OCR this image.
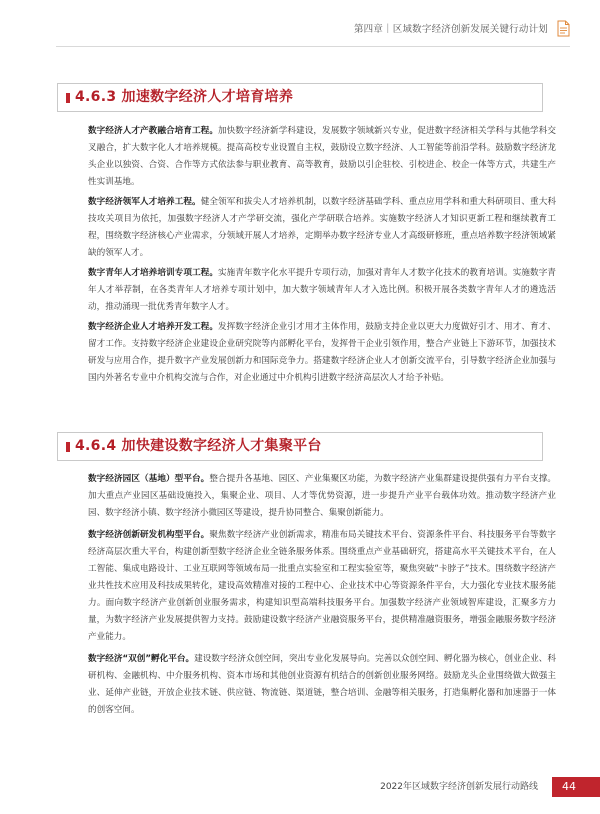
第四章｜区域数字经济创新发展关键行动计划
4.6.3 加速数字经济人才培育培养

数字经济人才产教融合培育工程。加快数字经济新学科建设，发展数字领域新兴专业，促进数字经济相关学科与其他学科交叉融合，扩大数字化人才培养规模。提高高校专业设置自主权，鼓励设立数字经济、人工智能等前沿学科。鼓励数字经济龙头企业以独资、合资、合作等方式依法参与职业教育、高等教育，鼓励以引企驻校、引校进企、校企一体等方式，共建生产性实训基地。

数字经济领军人才培养工程。健全领军和拔尖人才培养机制，以数字经济基础学科、重点应用学科和重大科研项目、重大科技攻关项目为依托，加强数字经济人才产学研交流，强化产学研联合培养。实施数字经济人才知识更新工程和继续教育工程，围绕数字经济核心产业需求，分领域开展人才培养，定期举办数字经济专业人才高级研修班，重点培养数字经济领域紧缺的领军人才。

数字青年人才培养培训专项工程。实施青年数字化水平提升专项行动，加强对青年人才数字化技术的教育培训。实施数字青年人才举荐制，在各类青年人才培养专项计划中，加大数字领域青年人才入选比例。积极开展各类数字青年人才的遴选活动，推动涌现一批优秀青年数字人才。

数字经济企业人才培养开发工程。发挥数字经济企业引才用才主体作用，鼓励支持企业以更大力度做好引才、用才、育才、留才工作。支持数字经济企业建设企业研究院等内部孵化平台，发挥骨干企业引领作用，整合产业链上下游环节，加强技术研发与应用合作，提升数字产业发展创新力和国际竞争力。搭建数字经济企业人才创新交流平台，引导数字经济企业加强与国内外著名专业中介机构交流与合作，对企业通过中介机构引进数字经济高层次人才给予补贴。

4.6.4 加快建设数字经济人才集聚平台

数字经济园区（基地）型平台。整合提升各基地、园区、产业集聚区功能，为数字经济产业集群建设提供强有力平台支撑。加大重点产业园区基础设施投入，集聚企业、项目、人才等优势资源，进一步提升产业平台载体功效。推动数字经济产业园、数字经济小镇、数字经济小微园区等建设，提升协同整合、集聚创新能力。

数字经济创新研发机构型平台。聚焦数字经济产业创新需求，精准布局关键技术平台、资源条件平台、科技服务平台等数字经济高层次重大平台，构建创新型数字经济企业全链条服务体系。围绕重点产业基础研究，搭建高水平关键技术平台，在人工智能、集成电路设计、工业互联网等领域布局一批重点实验室和工程实验室等，聚焦突破“卡脖子”技术。围绕数字经济产业共性技术应用及科技成果转化，建设高效精准对接的工程中心、企业技术中心等资源条件平台，大力强化专业技术服务能力。面向数字经济产业创新创业服务需求，构建知识型高端科技服务平台。加强数字经济产业领域智库建设，汇聚多方力量，为数字经济产业发展提供智力支持。鼓励建设数字经济产业融资服务平台，提供精准融资服务，增强金融服务数字经济产业能力。

数字经济“双创”孵化平台。建设数字经济众创空间，突出专业化发展导向。完善以众创空间、孵化器为核心，创业企业、科研机构、金融机构、中介服务机构、资本市场和其他创业资源有机结合的创新创业服务网络。鼓励龙头企业围绕做大做强主业、延伸产业链，开放企业技术链、供应链、物流链、渠道链，整合培训、金融等相关服务，打造集孵化器和加速器于一体的创客空间。

2022年区域数字经济创新发展行动路线 44
